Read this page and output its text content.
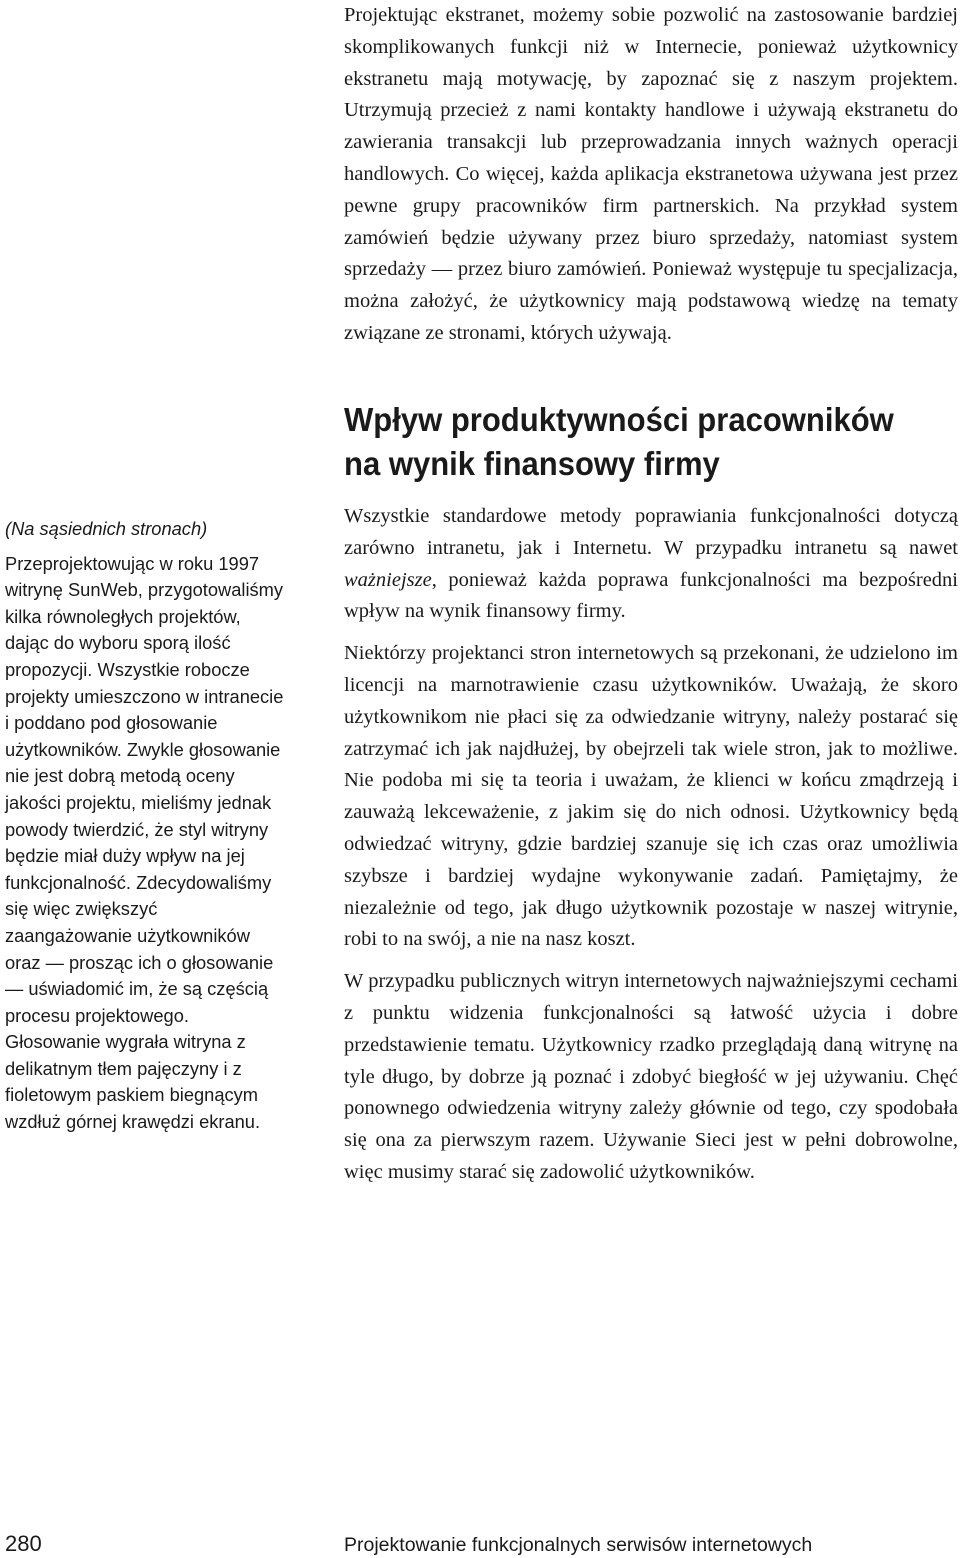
Projektując ekstranet, możemy sobie pozwolić na zastosowanie bardziej skomplikowanych funkcji niż w Internecie, ponieważ użytkownicy ekstranetu mają motywację, by zapoznać się z naszym projektem. Utrzymują przecież z nami kontakty handlowe i używają ekstranetu do zawierania transakcji lub przeprowadzania innych ważnych operacji handlowych. Co więcej, każda aplikacja ekstranetowa używana jest przez pewne grupy pracowników firm partnerskich. Na przykład system zamówień będzie używany przez biuro sprzedaży, natomiast system sprzedaży — przez biuro zamówień. Ponieważ występuje tu specjalizacja, można założyć, że użytkownicy mają podstawową wiedzę na tematy związane ze stronami, których używają.

Wpływ produktywności pracowników na wynik finansowy firmy

Wszystkie standardowe metody poprawiania funkcjonalności dotyczą zarówno intranetu, jak i Internetu. W przypadku intranetu są nawet ważniejsze, ponieważ każda poprawa funkcjonalności ma bezpośredni wpływ na wynik finansowy firmy.

Niektórzy projektanci stron internetowych są przekonani, że udzielono im licencji na marnotrawienie czasu użytkowników. Uważają, że skoro użytkownikom nie płaci się za odwiedzanie witryny, należy postarać się zatrzymać ich jak najdłużej, by obejrzeli tak wiele stron, jak to możliwe. Nie podoba mi się ta teoria i uważam, że klienci w końcu zmądrzeją i zauważą lekceważenie, z jakim się do nich odnosi. Użytkownicy będą odwiedzać witryny, gdzie bardziej szanuje się ich czas oraz umożliwia szybsze i bardziej wydajne wykonywanie zadań. Pamiętajmy, że niezależnie od tego, jak długo użytkownik pozostaje w naszej witrynie, robi to na swój, a nie na nasz koszt.

W przypadku publicznych witryn internetowych najważniejszymi cechami z punktu widzenia funkcjonalności są łatwość użycia i dobre przedstawienie tematu. Użytkownicy rzadko przeglądają daną witrynę na tyle długo, by dobrze ją poznać i zdobyć biegłość w jej używaniu. Chęć ponownego odwiedzenia witryny zależy głównie od tego, czy spodobała się ona za pierwszym razem. Używanie Sieci jest w pełni dobrowolne, więc musimy starać się zadowolić użytkowników.

(Na sąsiednich stronach)

Przeprojektowując w roku 1997 witrynę SunWeb, przygotowaliśmy kilka równoległych projektów, dając do wyboru sporą ilość propozycji. Wszystkie robocze projekty umieszczono w intranecie i poddano pod głosowanie użytkowników. Zwykle głosowanie nie jest dobrą metodą oceny jakości projektu, mieliśmy jednak powody twierdzić, że styl witryny będzie miał duży wpływ na jej funkcjonalność. Zdecydowaliśmy się więc zwiększyć zaangażowanie użytkowników oraz — prosząc ich o głosowanie — uświadomić im, że są częścią procesu projektowego. Głosowanie wygrała witryna z delikatnym tłem pajęczyny i z fioletowym paskiem biegnącym wzdłuż górnej krawędzi ekranu.

280	Projektowanie funkcjonalnych serwisów internetowych
